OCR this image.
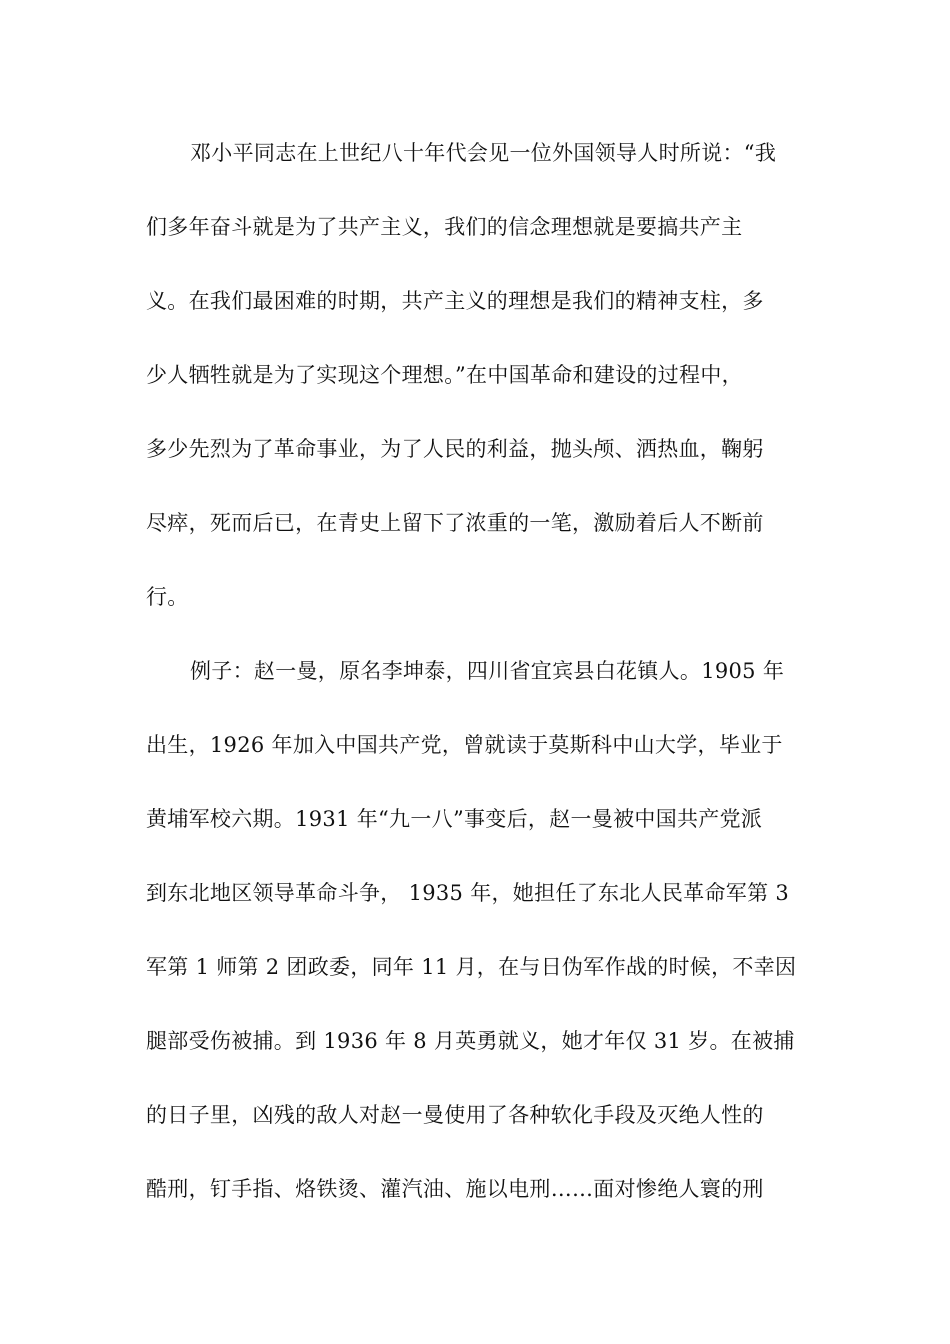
邓小平同志在上世纪八十年代会见一位外国领导人时所说：“我
们多年奋斗就是为了共产主义，我们的信念理想就是要搞共产主
义。在我们最困难的时期，共产主义的理想是我们的精神支柱，多
少人牺牲就是为了实现这个理想。”在中国革命和建设的过程中，
多少先烈为了革命事业，为了人民的利益，抛头颅、洒热血，鞠躬
尽瘁，死而后已，在青史上留下了浓重的一笔，激励着后人不断前
行。
例子：赵一曼，原名李坤泰，四川省宜宾县白花镇人。1905 年
出生，1926 年加入中国共产党，曾就读于莫斯科中山大学，毕业于
黄埔军校六期。1931 年“九一八”事变后，赵一曼被中国共产党派
到东北地区领导革命斗争， 1935 年，她担任了东北人民革命军第 3
军第 1 师第 2 团政委，同年 11 月，在与日伪军作战的时候，不幸因
腿部受伤被捕。到 1936 年 8 月英勇就义，她才年仅 31 岁。在被捕
的日子里，凶残的敌人对赵一曼使用了各种软化手段及灭绝人性的
酷刑，钉手指、烙铁烫、灌汽油、施以电刑……面对惨绝人寰的刑
